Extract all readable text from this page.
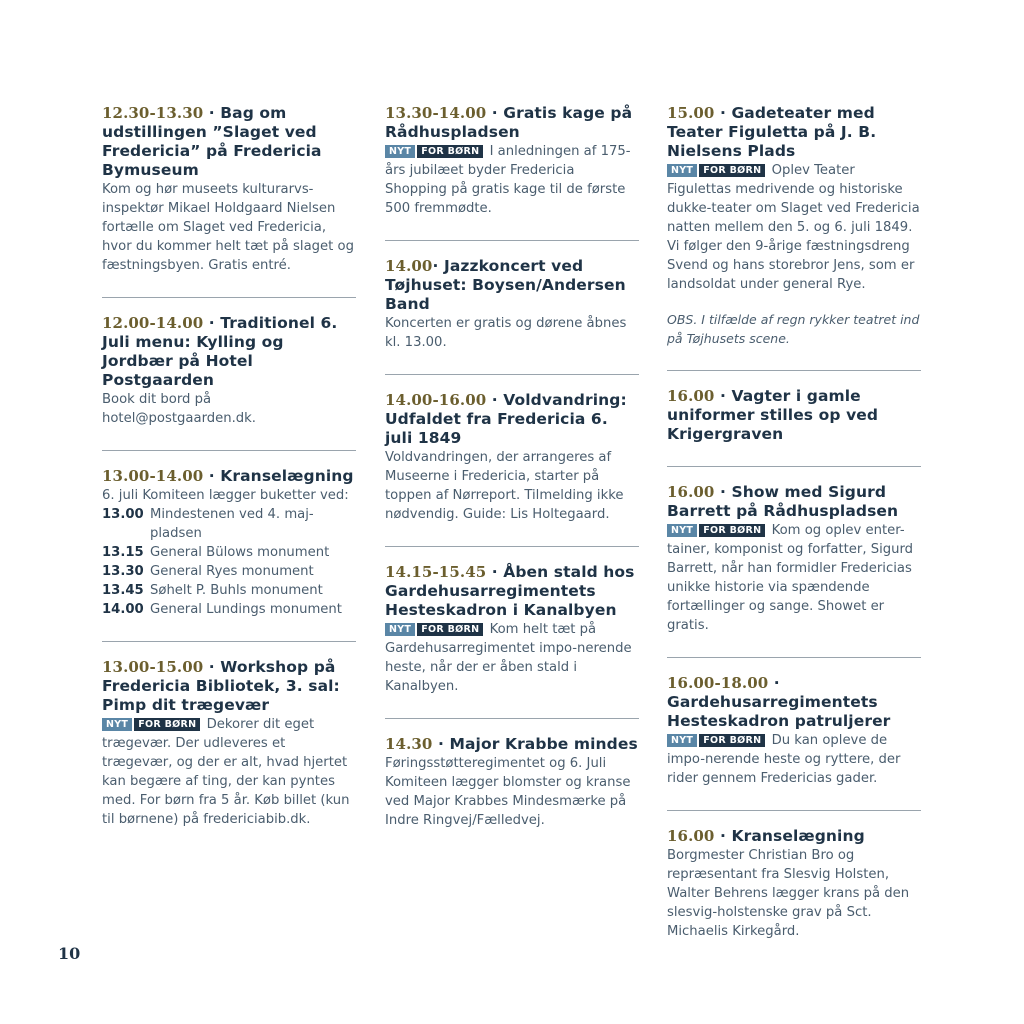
12.30-13.30 · Bag om udstillingen ”Slaget ved Fredericia” på Fredericia Bymuseum
Kom og hør museets kulturarvs-inspektør Mikael Holdgaard Nielsen fortælle om Slaget ved Fredericia, hvor du kommer helt tæt på slaget og fæstningsbyen. Gratis entré.
12.00-14.00 · Traditionel 6. Juli menu: Kylling og Jordbær på Hotel Postgaarden
Book dit bord på hotel@postgaarden.dk.
13.00-14.00 · Kranselægning
6. juli Komiteen lægger buketter ved:
13.00 Mindestenen ved 4. maj-pladsen
13.15 General Bülows monument
13.30 General Ryes monument
13.45 Søhelt P. Buhls monument
14.00 General Lundings monument
13.00-15.00 · Workshop på Fredericia Bibliotek, 3. sal: Pimp dit trægevær
NYT FOR BØRN Dekorer dit eget trægevær. Der udleveres et trægevær, og der er alt, hvad hjertet kan begære af ting, der kan pyntes med. For børn fra 5 år. Køb billet (kun til børnene) på fredericiabib.dk.
13.30-14.00 · Gratis kage på Rådhuspladsen
NYT FOR BØRN I anledningen af 175-års jubilæet byder Fredericia Shopping på gratis kage til de første 500 fremmødte.
14.00· Jazzkoncert ved Tøjhuset: Boysen/Andersen Band
Koncerten er gratis og dørene åbnes kl. 13.00.
14.00-16.00 · Voldvandring: Udfaldet fra Fredericia 6. juli 1849
Voldvandringen, der arrangeres af Museerne i Fredericia, starter på toppen af Nørreport. Tilmelding ikke nødvendig. Guide: Lis Holtegaard.
14.15-15.45 · Åben stald hos Gardehusarregimentets Hesteskadron i Kanalbyen
NYT FOR BØRN Kom helt tæt på Gardehusarregimentet impo-nerende heste, når der er åben stald i Kanalbyen.
14.30 · Major Krabbe mindes
Føringsstøtteregimentet og 6. Juli Komiteen lægger blomster og kranse ved Major Krabbes Mindesmærke på Indre Ringvej/Fælledvej.
15.00 · Gadeteater med Teater Figuletta på J. B. Nielsens Plads
NYT FOR BØRN Oplev Teater Figulettas medrivende og historiske dukke-teater om Slaget ved Fredericia natten mellem den 5. og 6. juli 1849. Vi følger den 9-årige fæstningsdreng Svend og hans storebror Jens, som er landsoldat under general Rye.
OBS. I tilfælde af regn rykker teatret ind på Tøjhusets scene.
16.00 · Vagter i gamle uniformer stilles op ved Krigergraven
16.00 · Show med Sigurd Barrett på Rådhuspladsen
NYT FOR BØRN Kom og oplev enter-tainer, komponist og forfatter, Sigurd Barrett, når han formidler Fredericias unikke historie via spændende fortællinger og sange. Showet er gratis.
16.00-18.00 · Gardehusarregimentets Hesteskadron patruljerer
NYT FOR BØRN Du kan opleve de impo-nerende heste og ryttere, der rider gennem Fredericias gader.
16.00 · Kranselægning
Borgmester Christian Bro og repræsentant fra Slesvig Holsten, Walter Behrens lægger krans på den slesvig-holstenske grav på Sct. Michaelis Kirkegård.
10
